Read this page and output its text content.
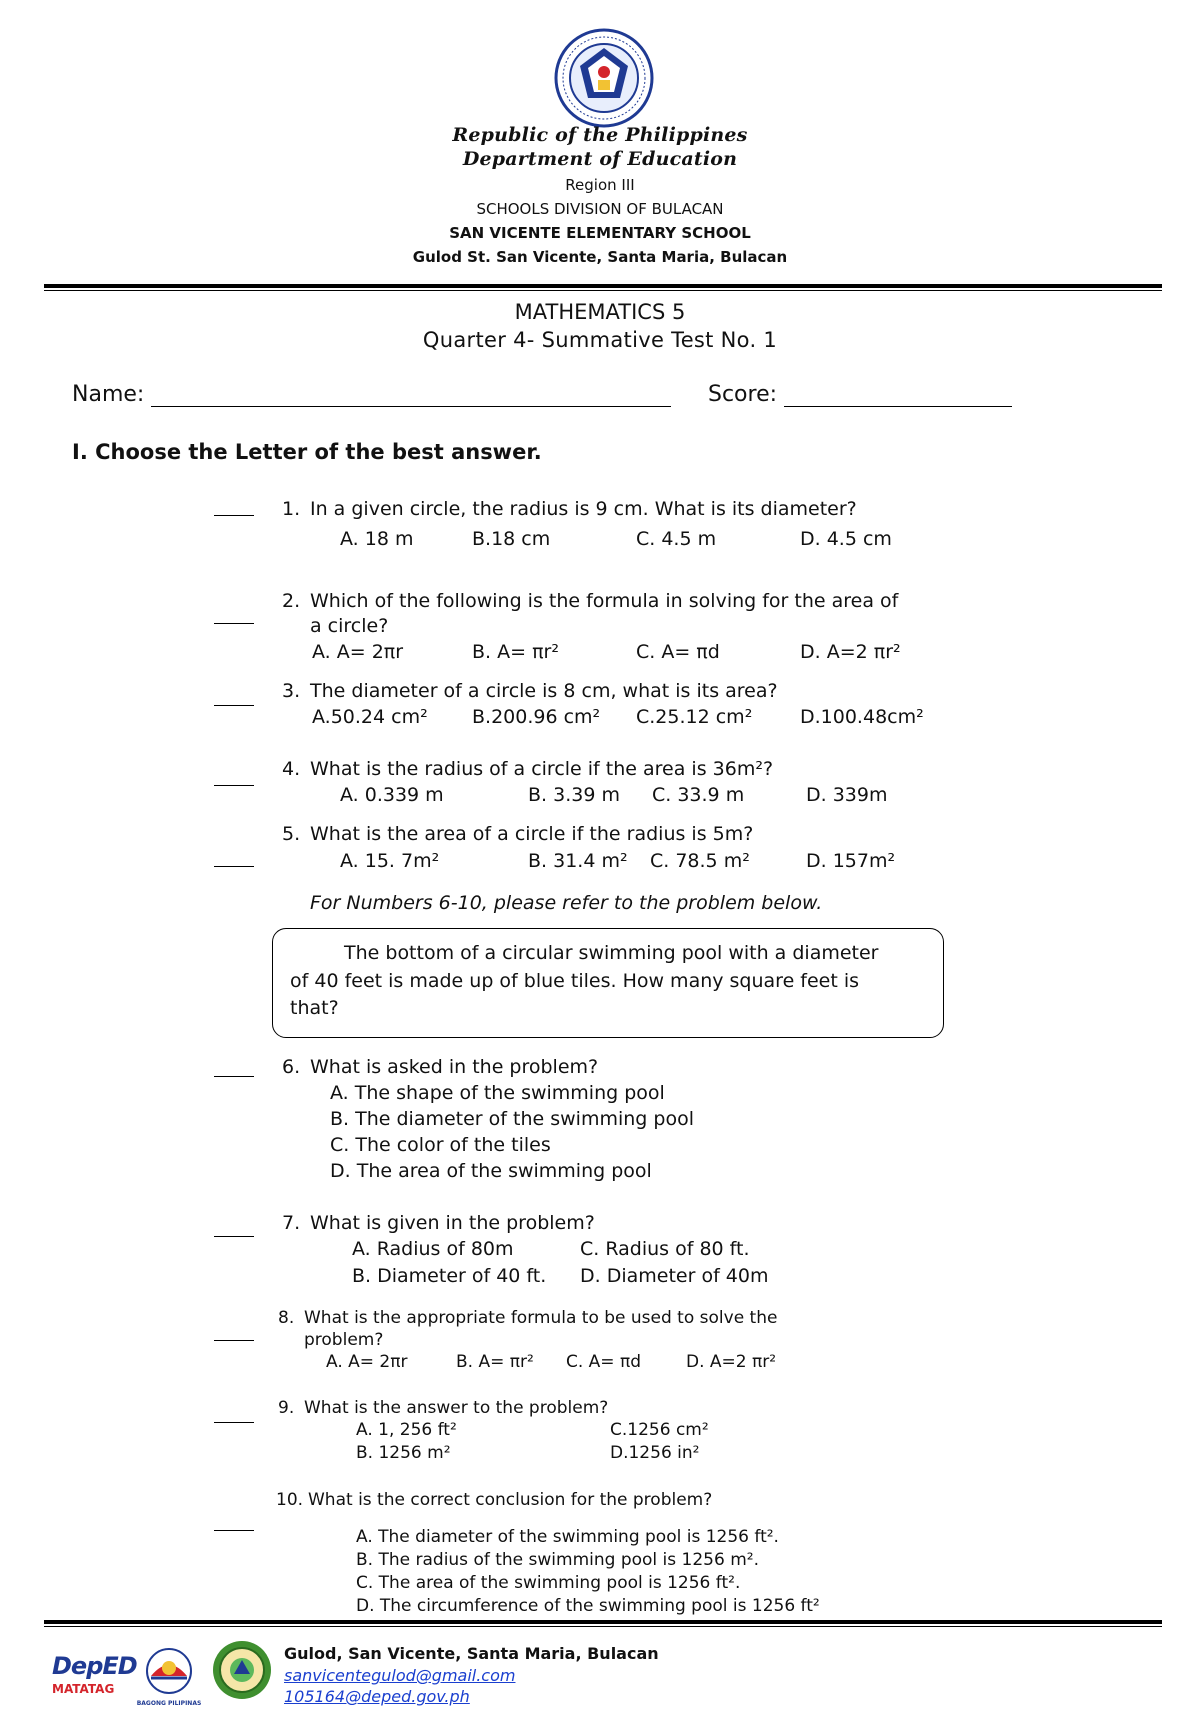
Republic of the Philippines
Department of Education
Region III
SCHOOLS DIVISION OF BULACAN
SAN VICENTE ELEMENTARY SCHOOL
Gulod St. San Vicente, Santa Maria, Bulacan
MATHEMATICS 5
Quarter 4- Summative Test No. 1
Name:	Score:
I. Choose the Letter of the best answer.
1. In a given circle, the radius is 9 cm. What is its diameter?
A. 18 m	B.18 cm	C. 4.5 m	D. 4.5 cm
2. Which of the following is the formula in solving for the area of
a circle?
A. A= 2πr	B. A= πr²	C. A= πd	D. A=2 πr²
3. The diameter of a circle is 8 cm, what is its area?
A.50.24 cm² B.200.96 cm² C.25.12 cm²	D.100.48cm²
4. What is the radius of a circle if the area is 36m²?
A. 0.339 m	B. 3.39 m C. 33.9 m	D. 339m
5. What is the area of a circle if the radius is 5m?
A. 15. 7m²	B. 31.4 m² C. 78.5 m²	D. 157m²
For Numbers 6-10, please refer to the problem below.
The bottom of a circular swimming pool with a diameter
of 40 feet is made up of blue tiles. How many square feet is
that?
6. What is asked in the problem?
A. The shape of the swimming pool
B. The diameter of the swimming pool
C. The color of the tiles
D. The area of the swimming pool
7. What is given in the problem?
A. Radius of 80m
B. Diameter of 40 ft.
C. Radius of 80 ft.
D. Diameter of 40m
8. What is the appropriate formula to be used to solve the
problem?
A. A= 2πr	B. A= πr² C. A= πd	D. A=2 πr²
9. What is the answer to the problem?
A. 1, 256 ft²
B. 1256 m²
C.1256 cm²
D.1256 in²
10. What is the correct conclusion for the problem?
A. The diameter of the swimming pool is 1256 ft².
B. The radius of the swimming pool is 1256 m².
C. The area of the swimming pool is 1256 ft².
D. The circumference of the swimming pool is 1256 ft²
DepED
MATATAG
BAGONG PILIPINAS
Gulod, San Vicente, Santa Maria, Bulacan
sanvicentegulod@gmail.com
105164@deped.gov.ph
